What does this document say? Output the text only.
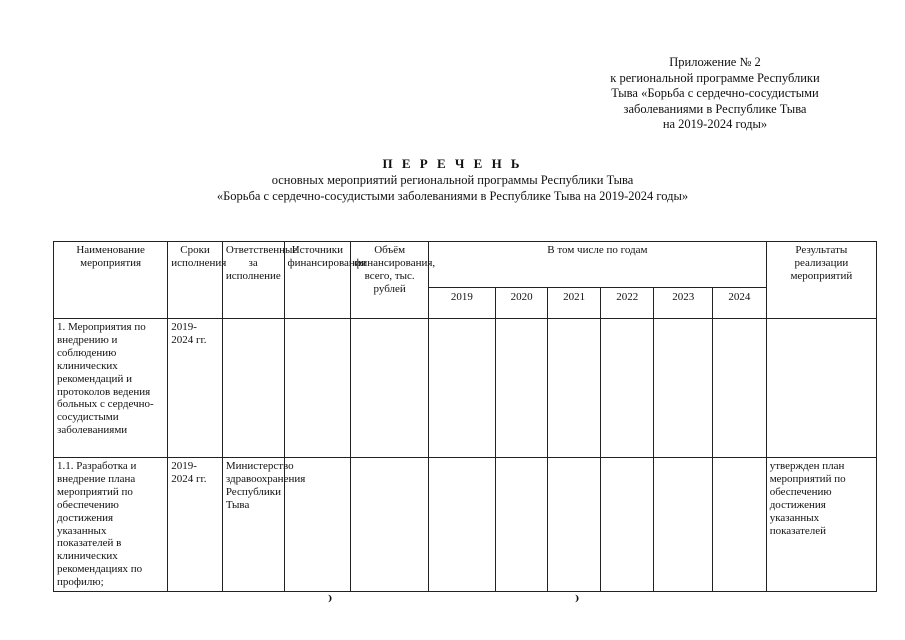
Приложение № 2
к региональной программе Республики
Тыва «Борьба с сердечно-сосудистыми
заболеваниями в Республике Тыва
на 2019-2024 годы»
П Е Р Е Ч Е Н Ь
основных мероприятий региональной программы Республики Тыва
«Борьба с сердечно-сосудистыми заболеваниями в Республике Тыва на 2019-2024 годы»
Наименование мероприятия	Сроки исполнения	Ответственные за исполнение	Источники финансирования	Объём финансирования, всего, тыс. рублей	В том числе по годам						Результаты реализации мероприятий
					2019	2020	2021	2022	2023	2024	
1. Мероприятия по внедрению и соблюдению клинических рекомендаций и протоколов ведения больных с сердечно-сосудистыми заболеваниями	2019-2024 гг.										
1.1. Разработка и внедрение плана мероприятий по обеспечению достижения указанных показателей в клинических рекомендациях по профилю;	2019-2024 гг.	Министерство здравоохранения Республики Тыва									утвержден план мероприятий по обеспечению достижения указанных показателей
⁾	⁾
